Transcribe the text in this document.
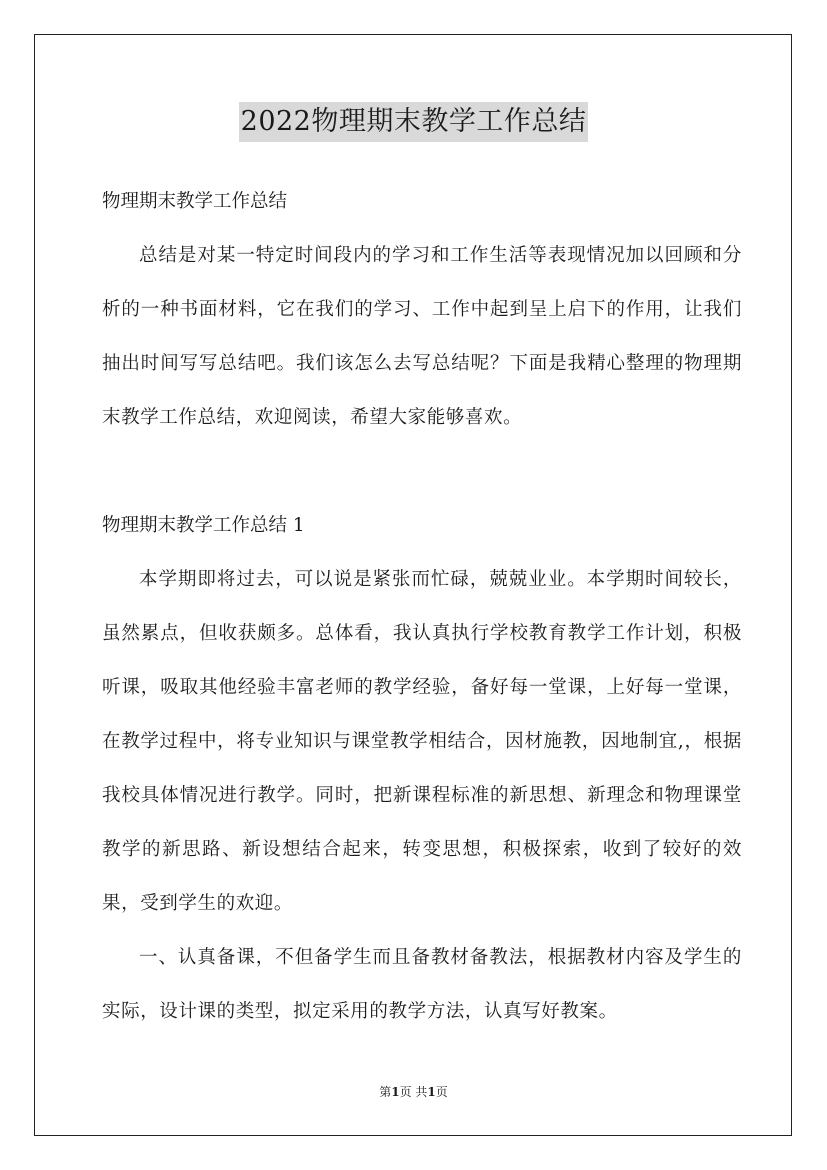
2022物理期末教学工作总结

物理期末教学工作总结

总结是对某一特定时间段内的学习和工作生活等表现情况加以回顾和分析的一种书面材料，它在我们的学习、工作中起到呈上启下的作用，让我们抽出时间写写总结吧。我们该怎么去写总结呢？下面是我精心整理的物理期末教学工作总结，欢迎阅读，希望大家能够喜欢。

物理期末教学工作总结 1

本学期即将过去，可以说是紧张而忙碌，兢兢业业。本学期时间较长，虽然累点，但收获颇多。总体看，我认真执行学校教育教学工作计划，积极听课，吸取其他经验丰富老师的教学经验，备好每一堂课，上好每一堂课，在教学过程中，将专业知识与课堂教学相结合，因材施教，因地制宜,，根据我校具体情况进行教学。同时，把新课程标准的新思想、新理念和物理课堂教学的新思路、新设想结合起来，转变思想，积极探索，收到了较好的效果，受到学生的欢迎。

一、认真备课，不但备学生而且备教材备教法，根据教材内容及学生的实际，设计课的类型，拟定采用的教学方法，认真写好教案。

第1页 共1页
